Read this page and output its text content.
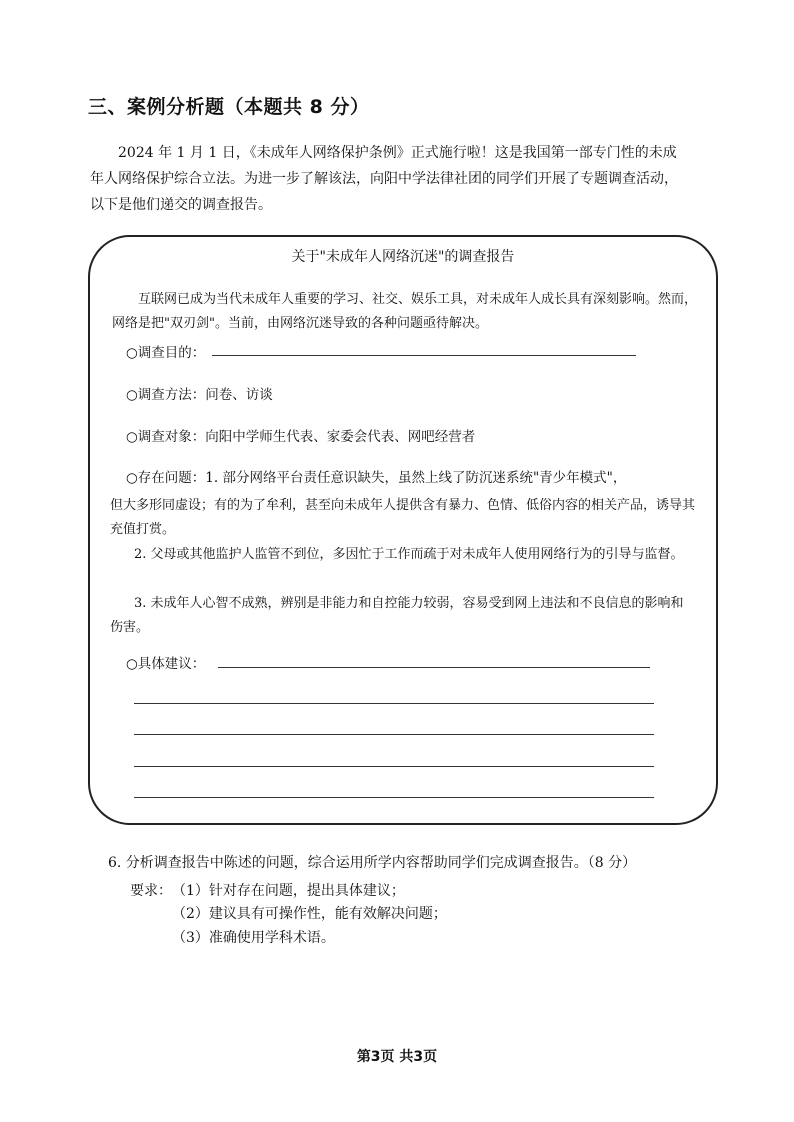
三、案例分析题（本题共 8 分）
2024 年 1 月 1 日，《未成年人网络保护条例》正式施行啦！这是我国第一部专门性的未成年人网络保护综合立法。为进一步了解该法，向阳中学法律社团的同学们开展了专题调查活动，以下是他们递交的调查报告。
关于"未成年人网络沉迷"的调查报告
互联网已成为当代未成年人重要的学习、社交、娱乐工具，对未成年人成长具有深刻影响。然而，网络是把"双刃剑"。当前，由网络沉迷导致的各种问题亟待解决。
○调查目的：
○调查方法：问卷、访谈
○调查对象：向阳中学师生代表、家委会代表、网吧经营者
○存在问题：1. 部分网络平台责任意识缺失，虽然上线了防沉迷系统"青少年模式"，
但大多形同虚设；有的为了牟利，甚至向未成年人提供含有暴力、色情、低俗内容的相关产品，诱导其充值打赏。
2. 父母或其他监护人监管不到位，多因忙于工作而疏于对未成年人使用网络行为的引导与监督。
3. 未成年人心智不成熟，辨别是非能力和自控能力较弱，容易受到网上违法和不良信息的影响和伤害。
○具体建议：
6. 分析调查报告中陈述的问题，综合运用所学内容帮助同学们完成调查报告。（8 分）
要求： （1）针对存在问题，提出具体建议；
（2）建议具有可操作性，能有效解决问题；
（3）准确使用学科术语。
第3页 共3页
